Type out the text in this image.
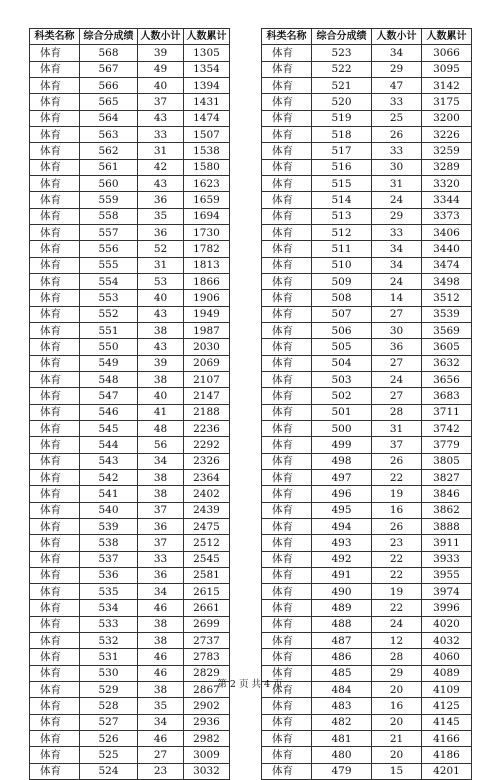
科类名称	综合分成绩	人数小计	人数累计
体育	568	39	1305
体育	567	49	1354
体育	566	40	1394
体育	565	37	1431
体育	564	43	1474
体育	563	33	1507
体育	562	31	1538
体育	561	42	1580
体育	560	43	1623
体育	559	36	1659
体育	558	35	1694
体育	557	36	1730
体育	556	52	1782
体育	555	31	1813
体育	554	53	1866
体育	553	40	1906
体育	552	43	1949
体育	551	38	1987
体育	550	43	2030
体育	549	39	2069
体育	548	38	2107
体育	547	40	2147
体育	546	41	2188
体育	545	48	2236
体育	544	56	2292
体育	543	34	2326
体育	542	38	2364
体育	541	38	2402
体育	540	37	2439
体育	539	36	2475
体育	538	37	2512
体育	537	33	2545
体育	536	36	2581
体育	535	34	2615
体育	534	46	2661
体育	533	38	2699
体育	532	38	2737
体育	531	46	2783
体育	530	46	2829
体育	529	38	2867
体育	528	35	2902
体育	527	34	2936
体育	526	46	2982
体育	525	27	3009
体育	524	23	3032
科类名称	综合分成绩	人数小计	人数累计
体育	523	34	3066
体育	522	29	3095
体育	521	47	3142
体育	520	33	3175
体育	519	25	3200
体育	518	26	3226
体育	517	33	3259
体育	516	30	3289
体育	515	31	3320
体育	514	24	3344
体育	513	29	3373
体育	512	33	3406
体育	511	34	3440
体育	510	34	3474
体育	509	24	3498
体育	508	14	3512
体育	507	27	3539
体育	506	30	3569
体育	505	36	3605
体育	504	27	3632
体育	503	24	3656
体育	502	27	3683
体育	501	28	3711
体育	500	31	3742
体育	499	37	3779
体育	498	26	3805
体育	497	22	3827
体育	496	19	3846
体育	495	16	3862
体育	494	26	3888
体育	493	23	3911
体育	492	22	3933
体育	491	22	3955
体育	490	19	3974
体育	489	22	3996
体育	488	24	4020
体育	487	12	4032
体育	486	28	4060
体育	485	29	4089
体育	484	20	4109
体育	483	16	4125
体育	482	20	4145
体育	481	21	4166
体育	480	20	4186
体育	479	15	4201
第 2 页 共 4 页
